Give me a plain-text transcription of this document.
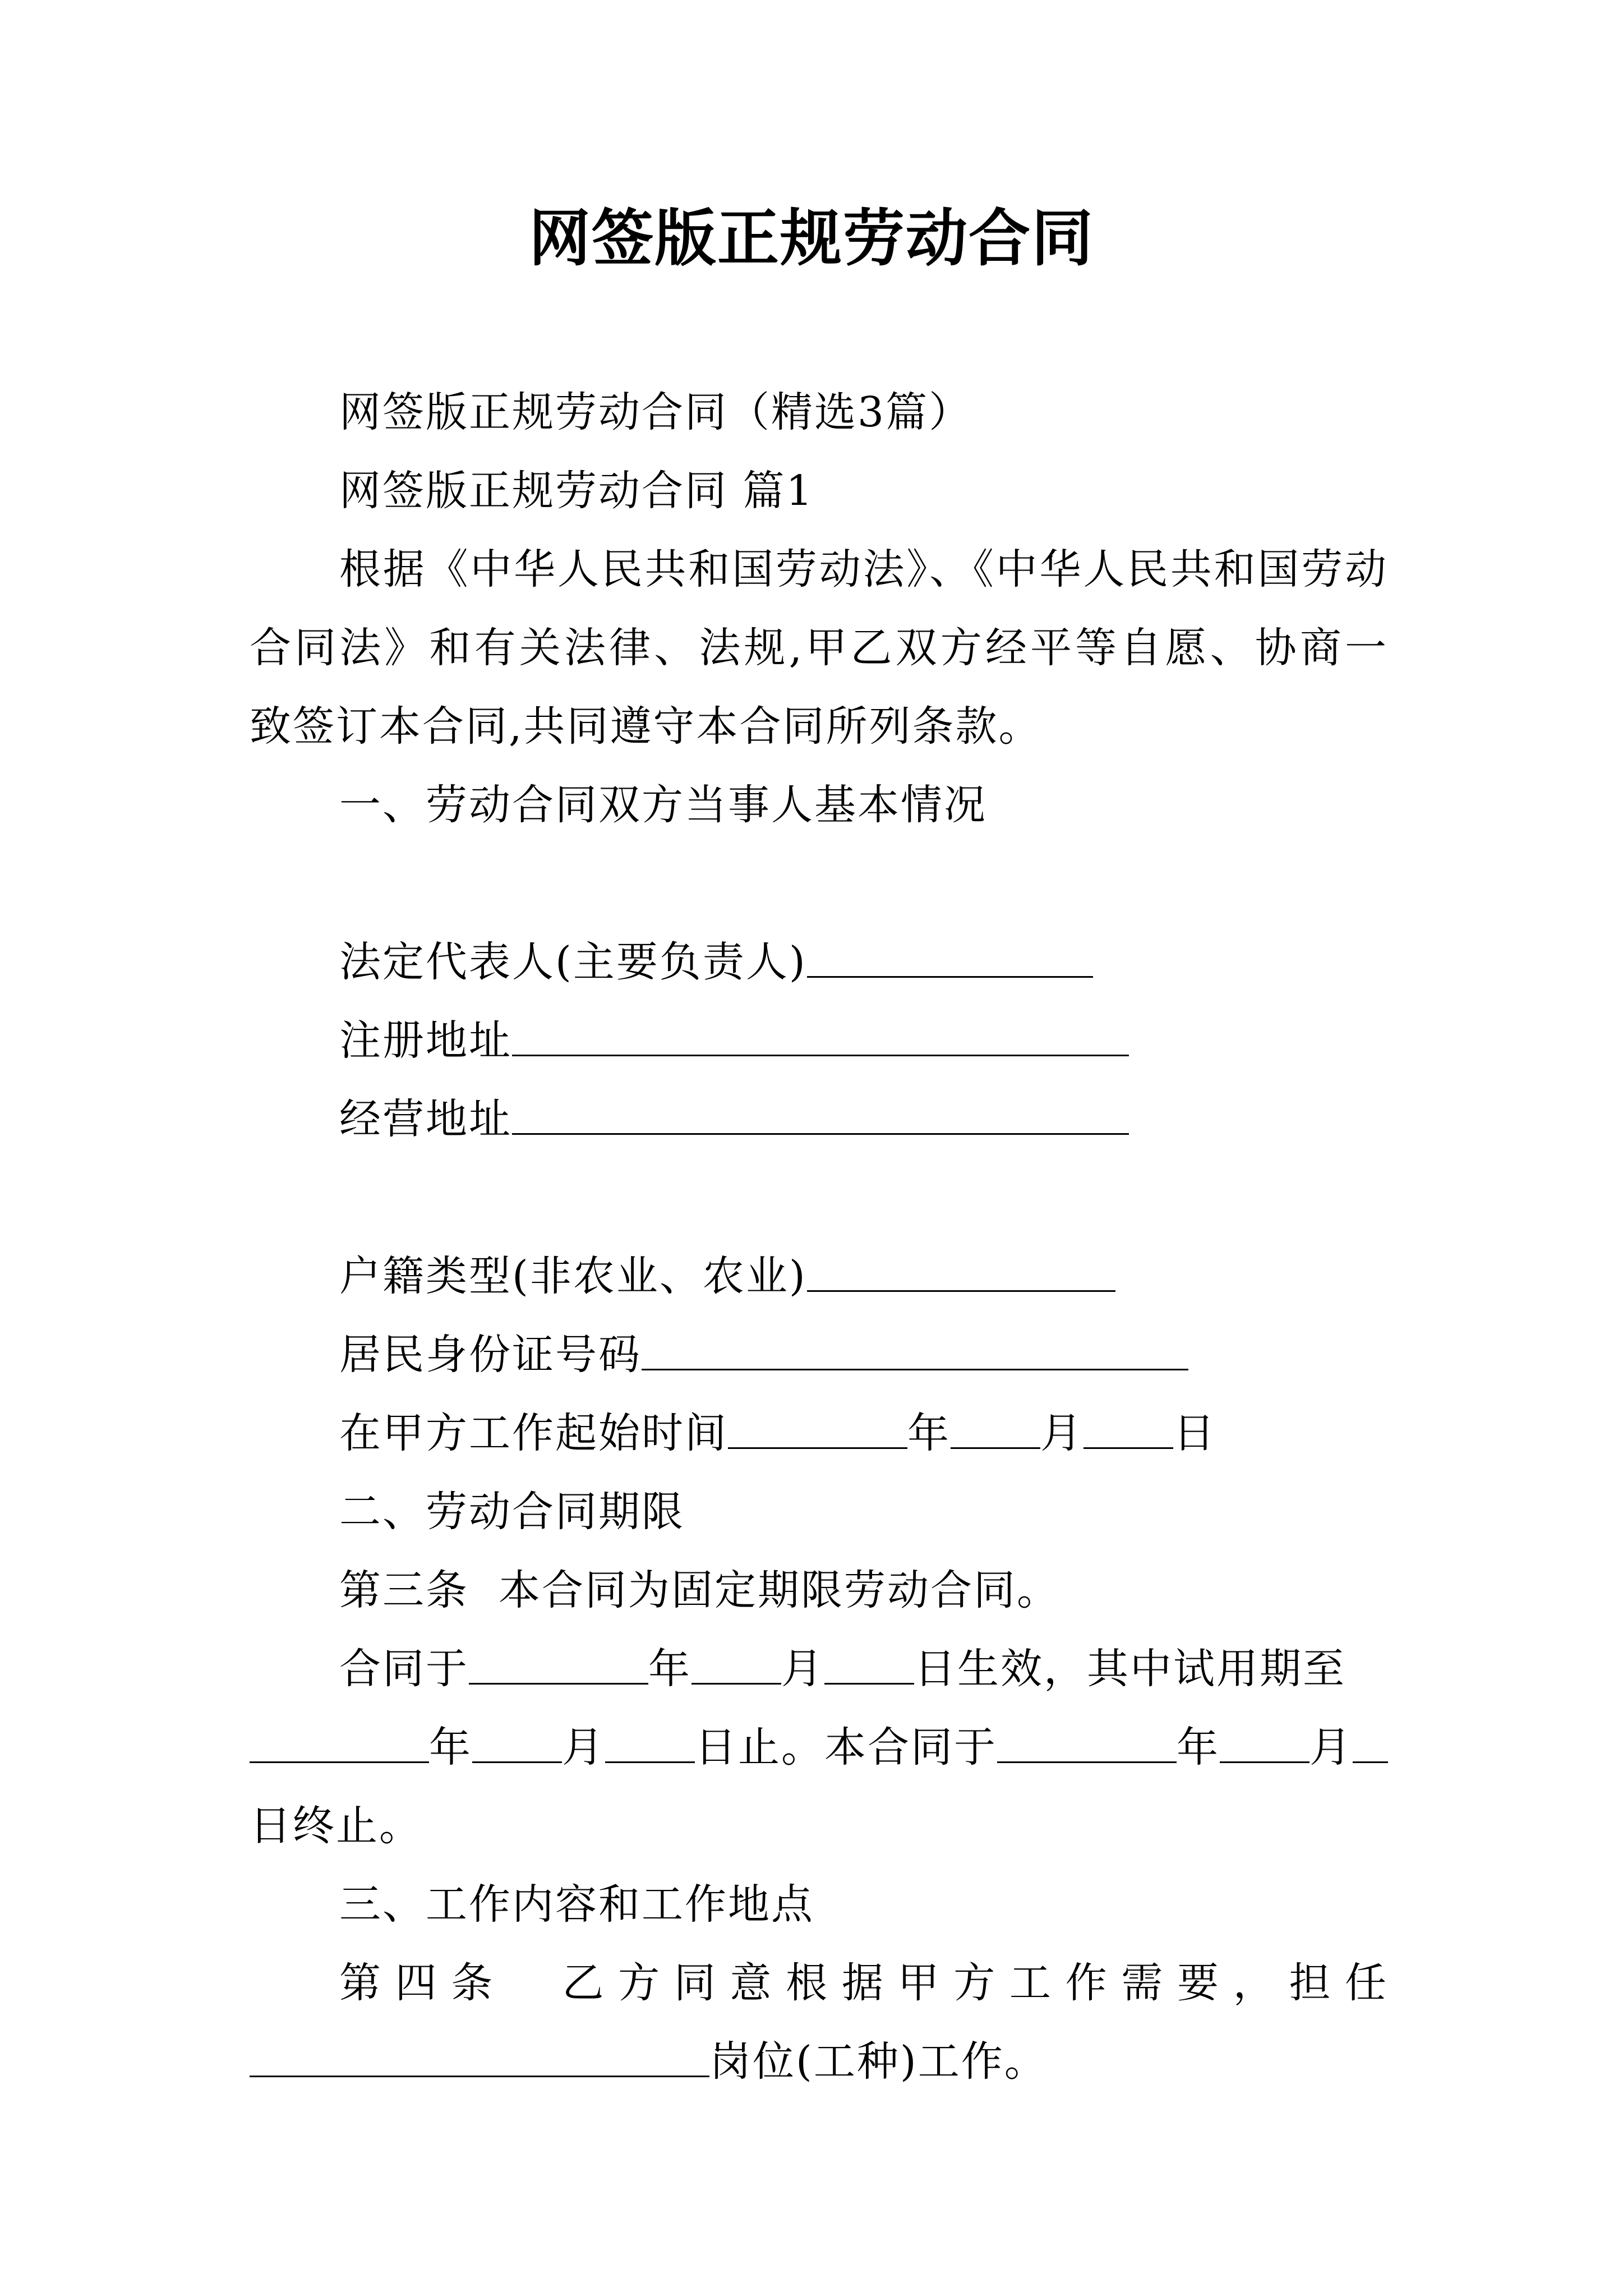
网签版正规劳动合同
网签版正规劳动合同（精选3篇）
网签版正规劳动合同 篇1
根据《中华人民共和国劳动法》、《中华人民共和国劳动
合同法》和有关法律、法规,甲乙双方经平等自愿、协商一
致签订本合同,共同遵守本合同所列条款。
一、劳动合同双方当事人基本情况

法定代表人(主要负责人)
注册地址
经营地址

户籍类型(非农业、农业)
居民身份证号码
在甲方工作起始时间	年 月 日
二、劳动合同期限
第三条  本合同为固定期限劳动合同。
合同于	年 月 日生效，其中试用期至
年 月 日止。本合同于	年 月
日终止。
三、工作内容和工作地点
第四条  乙方同意根据甲方工作需要，担任
岗位(工种)工作。
